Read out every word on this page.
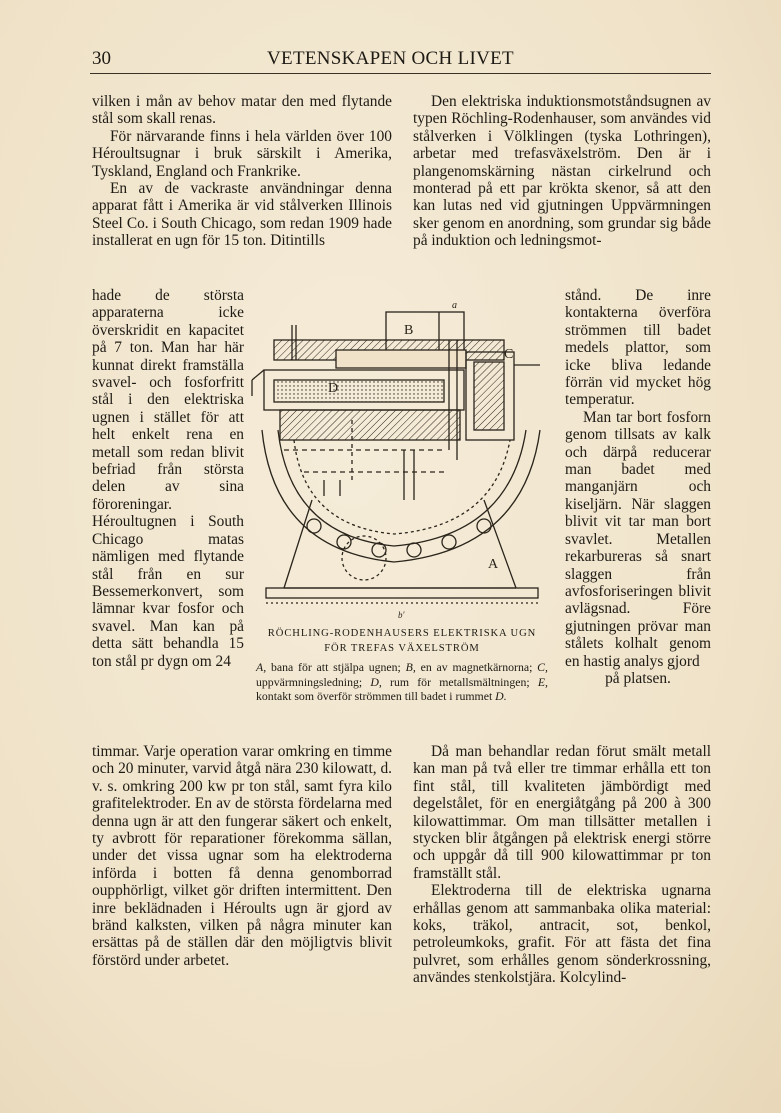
30	VETENSKAPEN OCH LIVET

vilken i mån av behov matar den med flytande stål som skall renas.

För närvarande finns i hela världen över 100 Héroultsugnar i bruk särskilt i Amerika, Tyskland, England och Frankrike.

En av de vackraste användningar denna apparat fått i Amerika är vid stålverken Illinois Steel Co. i South Chicago, som redan 1909 hade installerat en ugn för 15 ton. Ditintills

hade de största apparaterna icke överskridit en kapacitet på 7 ton. Man har här kunnat direkt framställa svavel- och fosforfritt stål i den elektriska ugnen i stället för att helt enkelt rena en metall som redan blivit befriad från största delen av sina föroreningar. Héroultugnen i South Chicago matas nämligen med flytande stål från en sur Bessemerkonvert, som lämnar kvar fosfor och svavel. Man kan på detta sätt behandla 15 ton stål pr dygn om 24

timmar. Varje operation varar omkring en timme och 20 minuter, varvid åtgå nära 230 kilowatt, d. v. s. omkring 200 kw pr ton stål, samt fyra kilo grafitelektroder. En av de största fördelarna med denna ugn är att den fungerar säkert och enkelt, ty avbrott för reparationer förekomma sällan, under det vissa ugnar som ha elektroderna införda i botten få denna genomborrad oupphörligt, vilket gör driften intermittent. Den inre beklädnaden i Héroults ugn är gjord av bränd kalksten, vilken på några minuter kan ersättas på de ställen där den möjligtvis blivit förstörd under arbetet.

Den elektriska induktionsmotståndsugnen av typen Röchling-Rodenhauser, som användes vid stålverken i Völklingen (tyska Lothringen), arbetar med trefasväxelström. Den är i plangenomskärning nästan cirkelrund och monterad på ett par krökta skenor, så att den kan lutas ned vid gjutningen Uppvärmningen sker genom en anordning, som grundar sig både på induktion och ledningsmot-

stånd. De inre kontakterna överföra strömmen till badet medels plattor, som icke bliva ledande förrän vid mycket hög temperatur.

Man tar bort fosforn genom tillsats av kalk och därpå reducerar man badet med manganjärn och kiseljärn. När slaggen blivit vit tar man bort svavlet. Metallen rekarbureras så snart slaggen från avfosforiseringen blivit avlägsnad. Före gjutningen prövar man stålets kolhalt genom en hastig analys gjord

på platsen.

Då man behandlar redan förut smält metall kan man på två eller tre timmar erhålla ett ton fint stål, till kvaliteten jämbördigt med degelstålet, för en energiåtgång på 200 à 300 kilowattimmar. Om man tillsätter metallen i stycken blir åtgången på elektrisk energi större och uppgår då till 900 kilowattimmar pr ton framställt stål.

Elektroderna till de elektriska ugnarna erhållas genom att sammanbaka olika material: koks, träkol, antracit, sot, benkol, petroleumkoks, grafit. För att fästa det fina pulvret, som erhålles genom sönderkrossning, användes stenkolstjära. Kolcylind-

a
B
C
D
A
b'
RÖCHLING-RODENHAUSERS ELEKTRISKA UGN
FÖR TREFAS VÄXELSTRÖM
A, bana för att stjälpa ugnen; B, en av magnetkärnorna; C, uppvärmningsledning; D, rum för metallsmältningen; E, kontakt som överför strömmen till badet i rummet D.
